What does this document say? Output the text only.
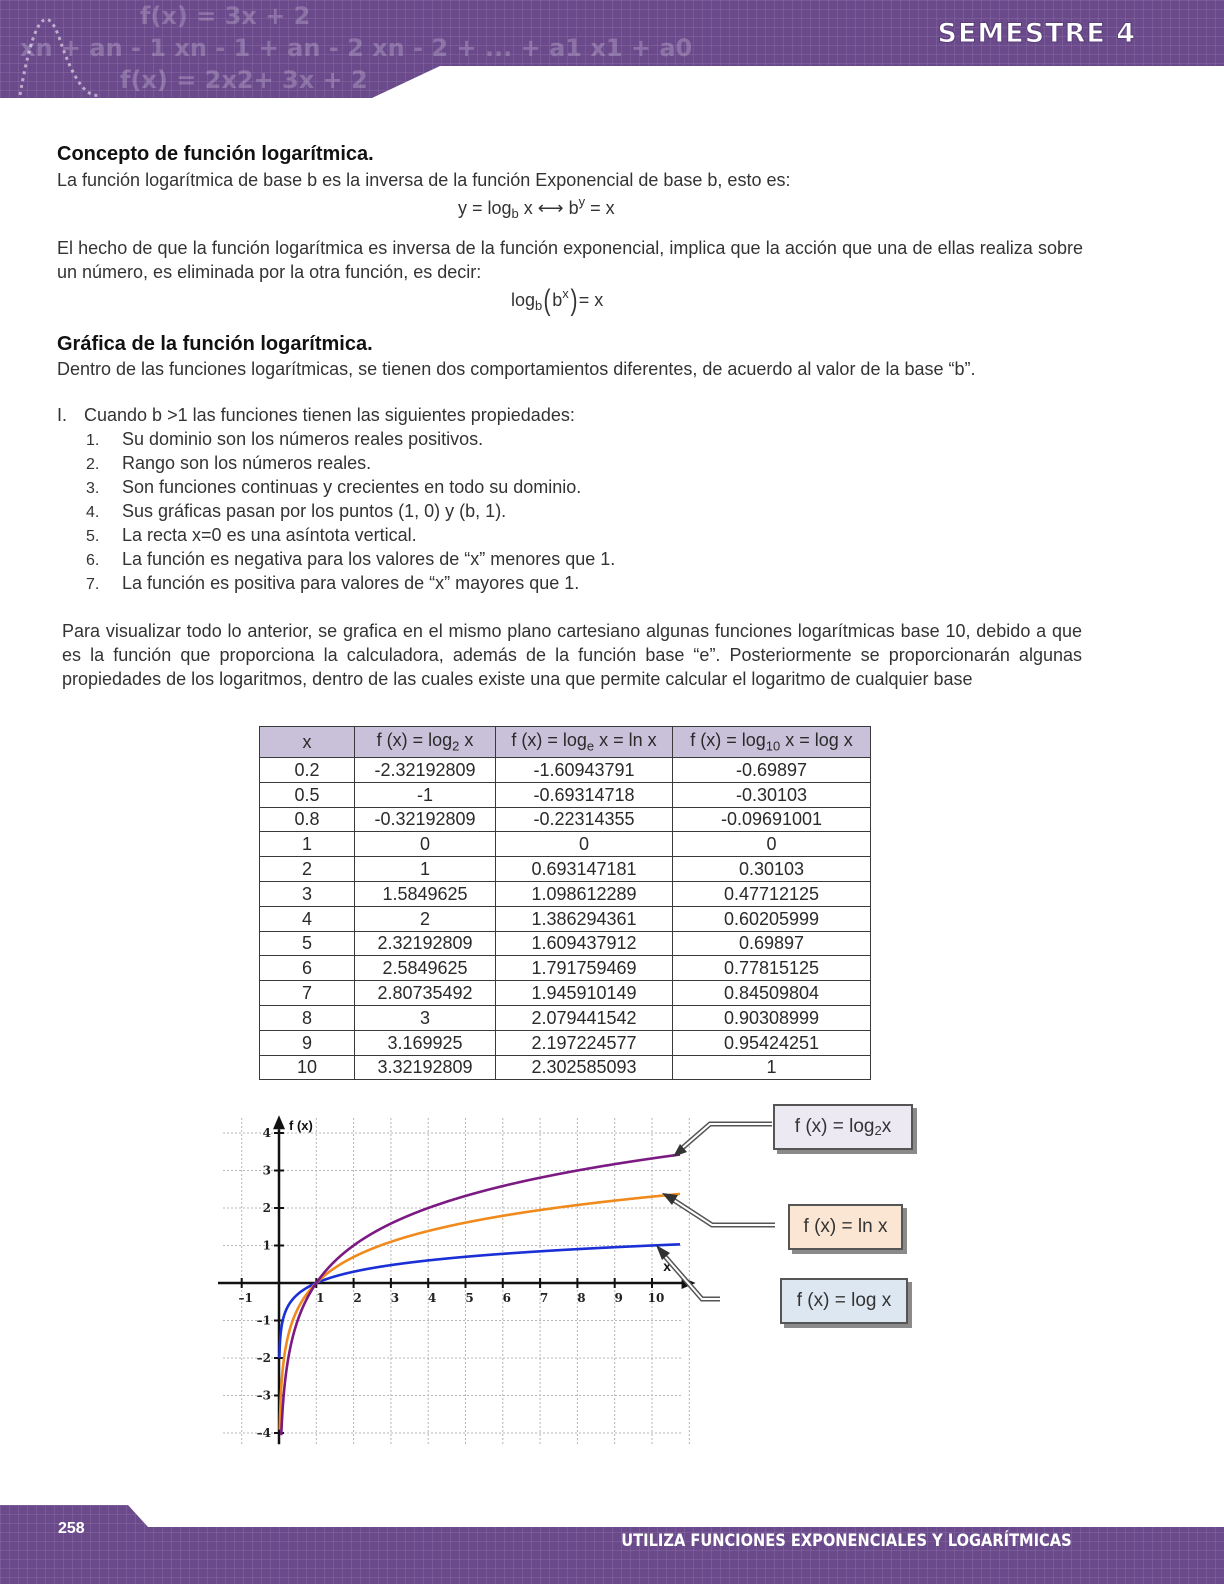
f(x) = 3x + 2
xn + an - 1 xn - 1 + an - 2 xn - 2 + ... + a1 x1 + a0
f(x) = 2x2+ 3x + 2
SEMESTRE 4
Concepto de función logarítmica.
La función logarítmica de base b es la inversa de la función Exponencial de base b, esto es:
$y = \log_b x$ ⟷ $b^y = x$
El hecho de que la función logarítmica es inversa de la función exponencial, implica que la acción que una de ellas realiza sobre un número, es eliminada por la otra función, es decir:
$\log_b(b^x)= x$
Gráfica de la función logarítmica.
Dentro de las funciones logarítmicas, se tienen dos comportamientos diferentes, de acuerdo al valor de la base “b”.
I. Cuando b >1 las funciones tienen las siguientes propiedades:
1. Su dominio son los números reales positivos.
2. Rango son los números reales.
3. Son funciones continuas y crecientes en todo su dominio.
4. Sus gráficas pasan por los puntos (1, 0) y (b, 1).
5. La recta x=0 es una asíntota vertical.
6. La función es negativa para los valores de “x” menores que 1.
7. La función es positiva para valores de “x” mayores que 1.
Para visualizar todo lo anterior, se grafica en el mismo plano cartesiano algunas funciones logarítmicas base 10, debido a que es la función que proporciona la calculadora, además de la función base “e”. Posteriormente se proporcionarán algunas propiedades de los logaritmos, dentro de las cuales existe una que permite calcular el logaritmo de cualquier base
x	f $(x) = \log_2 x$	f $(x) = \log_e x = \ln x$	f $(x) = \log_{10} x = \log x$
0.2	-2.32192809	-1.60943791	-0.69897
0.5	-1	-0.69314718	-0.30103
0.8	-0.32192809	-0.22314355	-0.09691001
1	0	0	0
2	1	0.693147181	0.30103
3	1.5849625	1.098612289	0.47712125
4	2	1.386294361	0.60205999
5	2.32192809	1.609437912	0.69897
6	2.5849625	1.791759469	0.77815125
7	2.80735492	1.945910149	0.84509804
8	3	2.079441542	0.90308999
9	3.169925	2.197224577	0.95424251
10	3.32192809	2.302585093	1
–1	1 2 3 4 5 6 7 8 9 10
4
3
2
1
–1
–2
–3
–4
f (x)
x
f $(x) = \log_2 x$
f (x) = ln x
f (x) = log x
258
UTILIZA FUNCIONES EXPONENCIALES Y LOGARÍTMICAS
